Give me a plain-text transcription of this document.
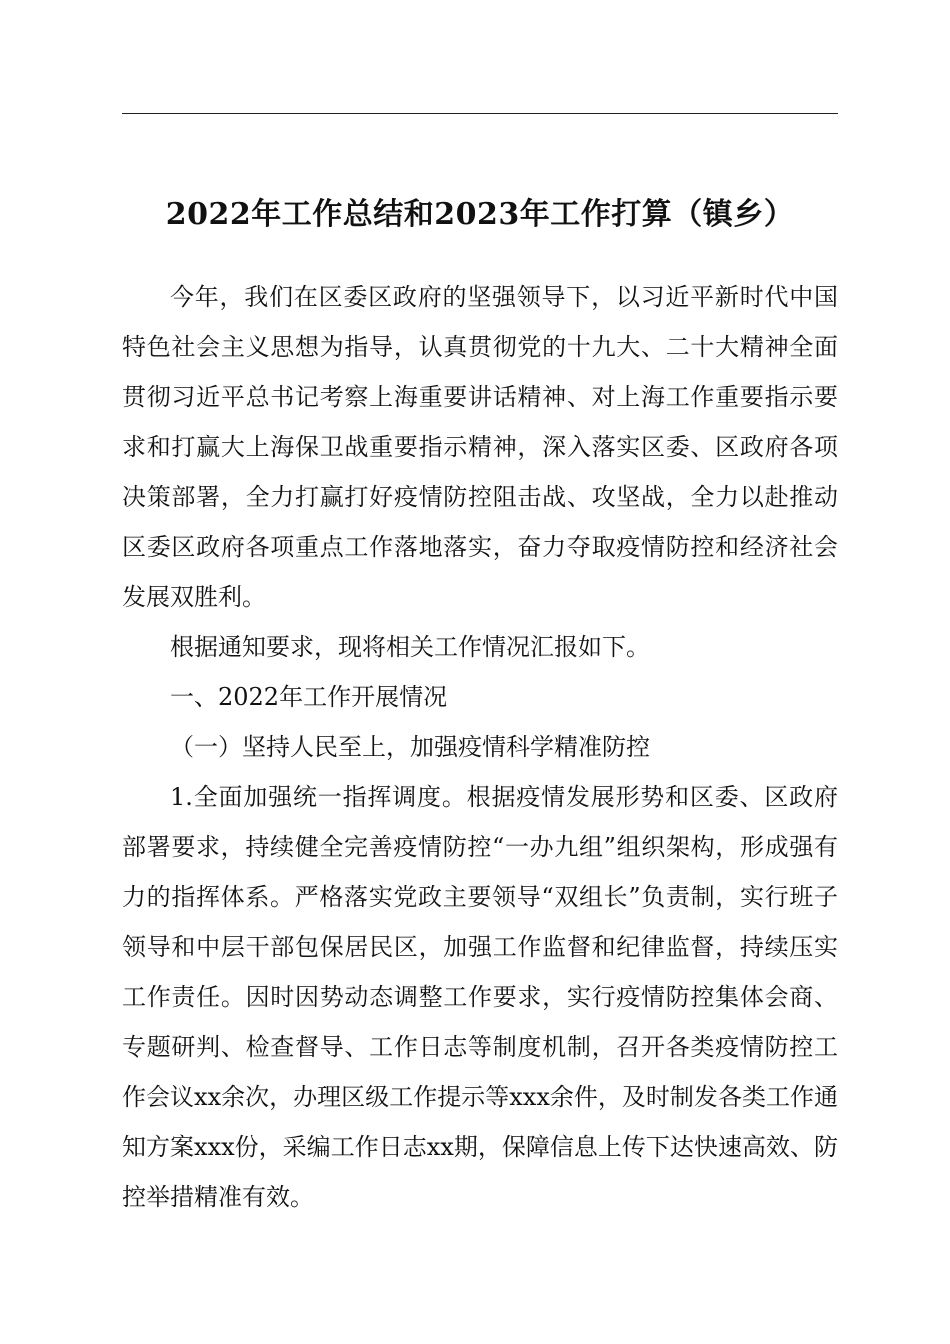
2022年工作总结和2023年工作打算（镇乡）

今年，我们在区委区政府的坚强领导下，以习近平新时代中国特色社会主义思想为指导，认真贯彻党的十九大、二十大精神全面贯彻习近平总书记考察上海重要讲话精神、对上海工作重要指示要求和打赢大上海保卫战重要指示精神，深入落实区委、区政府各项决策部署，全力打赢打好疫情防控阻击战、攻坚战，全力以赴推动区委区政府各项重点工作落地落实，奋力夺取疫情防控和经济社会发展双胜利。

根据通知要求，现将相关工作情况汇报如下。

一、2022年工作开展情况

（一）坚持人民至上，加强疫情科学精准防控

1.全面加强统一指挥调度。根据疫情发展形势和区委、区政府部署要求，持续健全完善疫情防控“一办九组”组织架构，形成强有力的指挥体系。严格落实党政主要领导“双组长”负责制，实行班子领导和中层干部包保居民区，加强工作监督和纪律监督，持续压实工作责任。因时因势动态调整工作要求，实行疫情防控集体会商、专题研判、检查督导、工作日志等制度机制，召开各类疫情防控工作会议xx余次，办理区级工作提示等xxx余件，及时制发各类工作通知方案xxx份，采编工作日志xx期，保障信息上传下达快速高效、防控举措精准有效。
